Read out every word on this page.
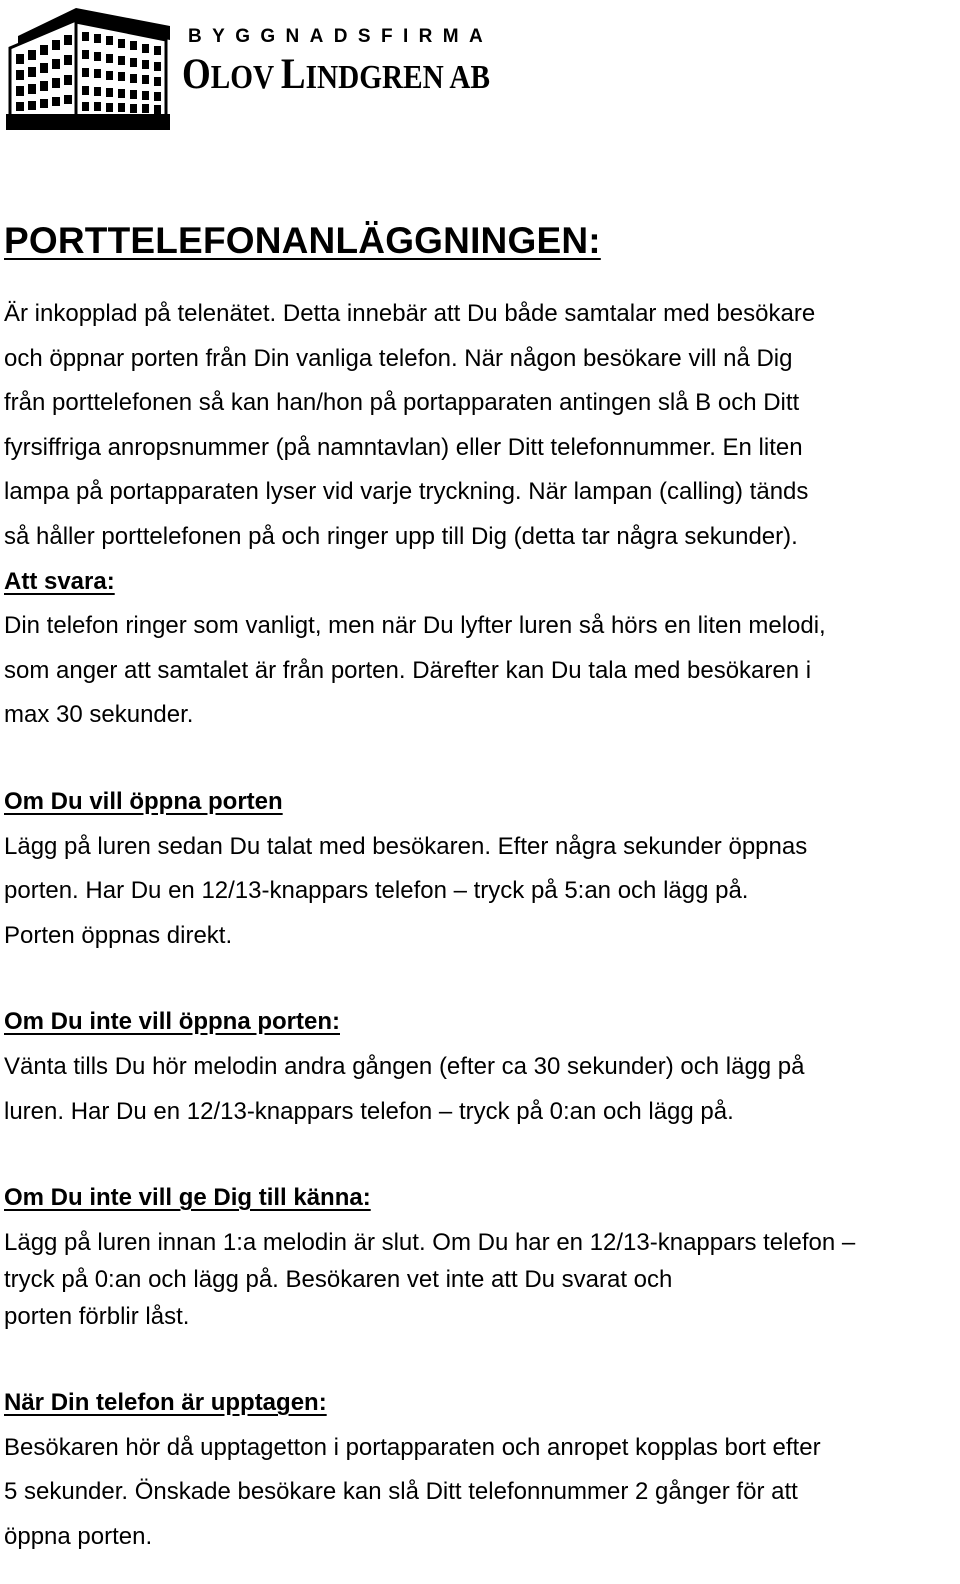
BYGGNADSFIRMA
OLOV LINDGREN AB
PORTTELEFONANLÄGGNINGEN:

Är inkopplad på telenätet. Detta innebär att Du både samtalar med besökare

och öppnar porten från Din vanliga telefon. När någon besökare vill nå Dig

från porttelefonen så kan han/hon på portapparaten antingen slå B och Ditt

fyrsiffriga anropsnummer (på namntavlan) eller Ditt telefonnummer. En liten

lampa på portapparaten lyser vid varje tryckning. När lampan (calling) tänds

så håller porttelefonen på och ringer upp till Dig (detta tar några sekunder).

Att svara:

Din telefon ringer som vanligt, men när Du lyfter luren så hörs en liten melodi,

som anger att samtalet är från porten. Därefter kan Du tala med besökaren i

max 30 sekunder.

Om Du vill öppna porten

Lägg på luren sedan Du talat med besökaren. Efter några sekunder öppnas

porten. Har Du en 12/13-knappars telefon – tryck på 5:an och lägg på.

Porten öppnas direkt.

Om Du inte vill öppna porten:

Vänta tills Du hör melodin andra gången (efter ca 30 sekunder) och lägg på

luren. Har Du en 12/13-knappars telefon – tryck på 0:an och lägg på.

Om Du inte vill ge Dig till känna:

Lägg på luren innan 1:a melodin är slut. Om Du har en 12/13-knappars telefon –

tryck på 0:an och lägg på. Besökaren vet inte att Du svarat och

porten förblir låst.

När Din telefon är upptagen:

Besökaren hör då upptagetton i portapparaten och anropet kopplas bort efter

5 sekunder. Önskade besökare kan slå Ditt telefonnummer 2 gånger för att

öppna porten.
